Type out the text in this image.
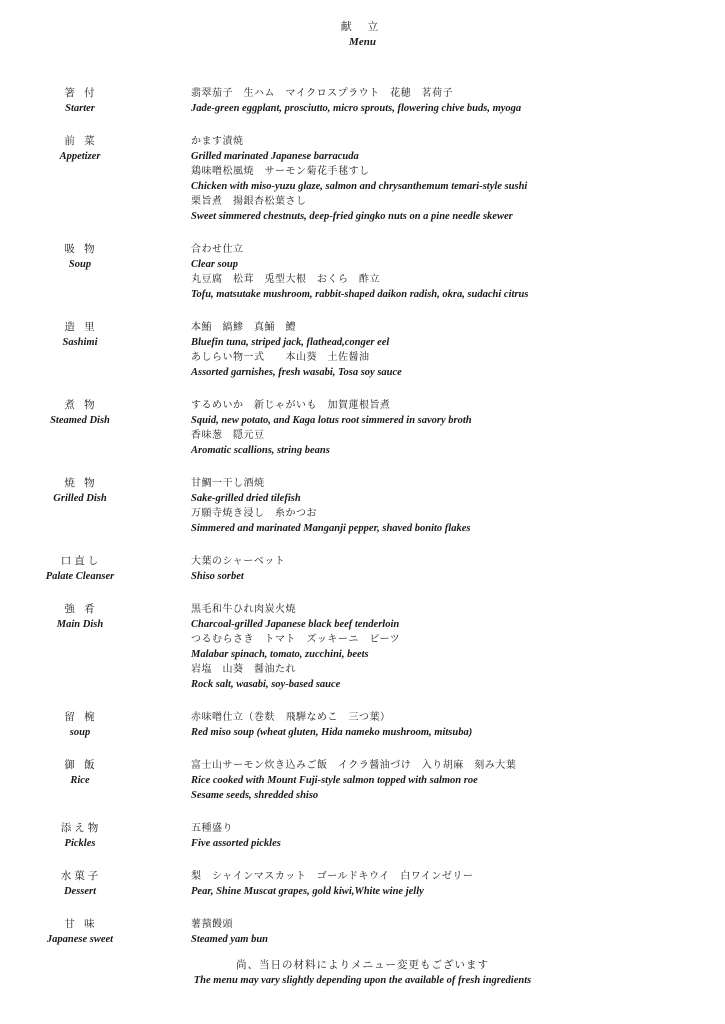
献 立
Menu
箸 付
Starter
翡翠茄子　生ハム　マイクロスプラウト　花穂　茗荷子
Jade-green eggplant, prosciutto, micro sprouts, flowering chive buds, myoga
前 菜
Appetizer
かます漬焼
Grilled marinated Japanese barracuda
鶏味噌松風焼　サーモン菊花手毬すし
Chicken with miso-yuzu glaze, salmon and chrysanthemum temari-style sushi
栗旨煮　揚銀杏松葉さし
Sweet simmered chestnuts, deep-fried gingko nuts on a pine needle skewer
吸 物
Soup
合わせ仕立
Clear soup
丸豆腐　松茸　兎型大根　おくら　酢立
Tofu, matsutake mushroom, rabbit-shaped daikon radish, okra, sudachi citrus
造 里
Sashimi
本鮪　縞鯵　真鯒　鱧
Bluefin tuna, striped jack, flathead,conger eel
あしらい物一式　　本山葵　土佐醤油
Assorted garnishes, fresh wasabi, Tosa soy sauce
煮 物
Steamed Dish
するめいか　新じゃがいも　加賀蓮根旨煮
Squid, new potato, and Kaga lotus root simmered in savory broth
香味葱　隠元豆
Aromatic scallions, string beans
焼 物
Grilled Dish
甘鯛一干し酒焼
Sake-grilled dried tilefish
万願寺焼き浸し　糸かつお
Simmered and marinated Manganji pepper, shaved bonito flakes
口直し
Palate Cleanser
大葉のシャーベット
Shiso sorbet
強 肴
Main Dish
黒毛和牛ひれ肉炭火焼
Charcoal-grilled Japanese black beef tenderloin
つるむらさき　トマト　ズッキーニ　ビーツ
Malabar spinach, tomato, zucchini, beets
岩塩　山葵　醤油たれ
Rock salt, wasabi, soy-based sauce
留 椀
soup
赤味噌仕立（巻麩　飛騨なめこ　三つ葉）
Red miso soup (wheat gluten, Hida nameko mushroom, mitsuba)
御 飯
Rice
富士山サーモン炊き込みご飯　イクラ醤油づけ　入り胡麻　刻み大葉
Rice cooked with Mount Fuji-style salmon topped with salmon roe
Sesame seeds, shredded shiso
添え物
Pickles
五種盛り
Five assorted pickles
水菓子
Dessert
梨　シャインマスカット　ゴールドキウイ　白ワインゼリー
Pear, Shine Muscat grapes, gold kiwi,White wine jelly
甘 味
Japanese sweet
薯蕷饅頭
Steamed yam bun
尚、当日の材料によりメニュー変更もございます
The menu may vary slightly depending upon the available of fresh ingredients
